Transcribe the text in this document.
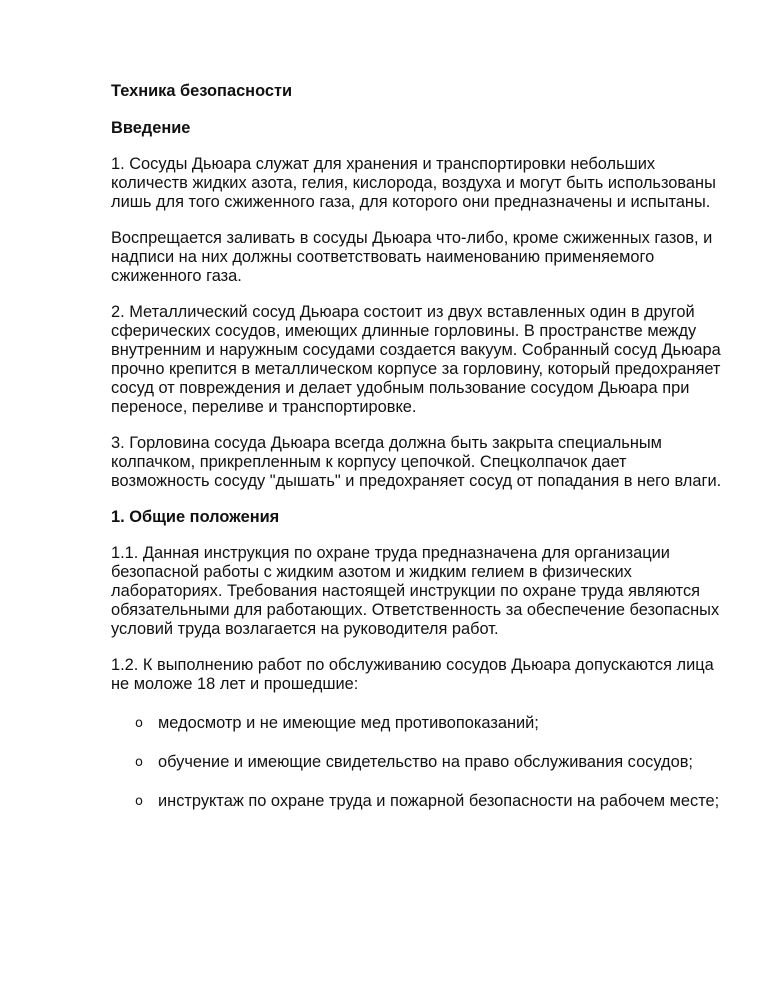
Техника безопасности
Введение

1. Сосуды Дьюара служат для хранения и транспортировки небольших количеств жидких азота, гелия, кислорода, воздуха и могут быть использованы лишь для того сжиженного газа, для которого они предназначены и испытаны.

Воспрещается заливать в сосуды Дьюара что-либо, кроме сжиженных газов, и надписи на них должны соответствовать наименованию применяемого сжиженного газа.

2. Металлический сосуд Дьюара состоит из двух вставленных один в другой сферических сосудов, имеющих длинные горловины. В пространстве между внутренним и наружным сосудами создается вакуум. Собранный сосуд Дьюара прочно крепится в металлическом корпусе за горловину, который предохраняет сосуд от повреждения и делает удобным пользование сосудом Дьюара при переносе, переливе и транспортировке.

3. Горловина сосуда Дьюара всегда должна быть закрыта специальным колпачком, прикрепленным к корпусу цепочкой. Спецколпачок дает возможность сосуду "дышать" и предохраняет сосуд от попадания в него влаги.

1. Общие положения

1.1. Данная инструкция по охране труда предназначена для организации безопасной работы с жидким азотом и жидким гелием в физических лабораториях. Требования настоящей инструкции по охране труда являются обязательными для работающих. Ответственность за обеспечение безопасных условий труда возлагается на руководителя работ.

1.2. К выполнению работ по обслуживанию сосудов Дьюара допускаются лица не моложе 18 лет и прошедшие:

o медосмотр и не имеющие мед противопоказаний;
o обучение и имеющие свидетельство на право обслуживания сосудов;
o инструктаж по охране труда и пожарной безопасности на рабочем месте;
